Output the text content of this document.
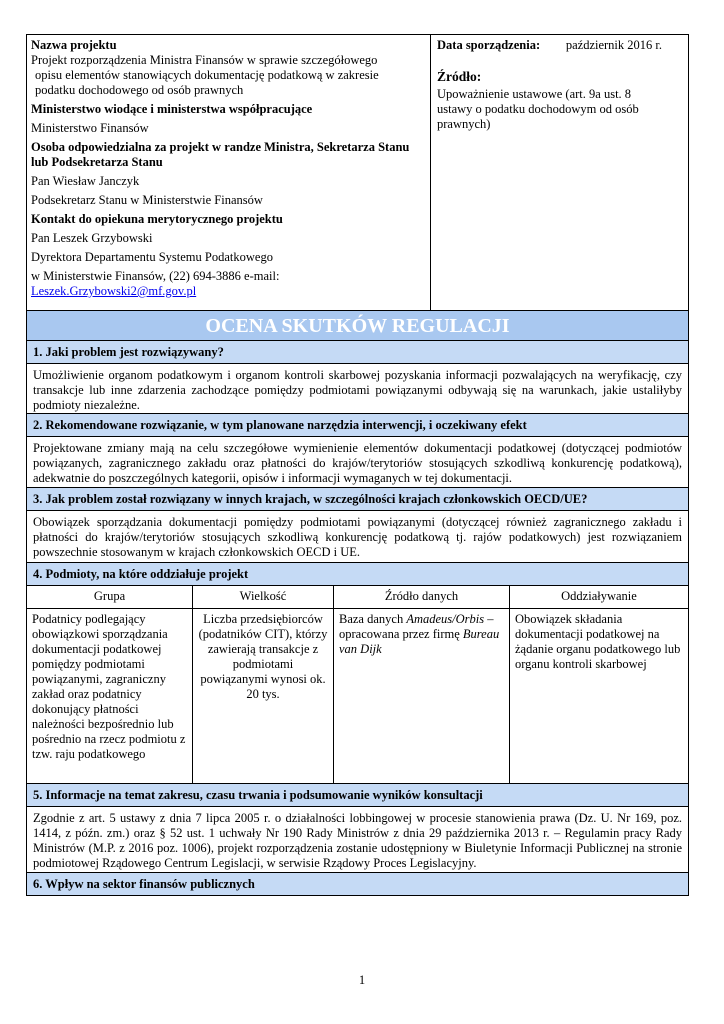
Nazwa projektu

Projekt rozporządzenia Ministra Finansów w sprawie szczegółowego

opisu elementów stanowiących dokumentację podatkową w zakresie

podatku dochodowego od osób prawnych

Ministerstwo wiodące i ministerstwa współpracujące

Ministerstwo Finansów

Osoba odpowiedzialna za projekt w randze Ministra, Sekretarza Stanu

lub Podsekretarza Stanu

Pan Wiesław Janczyk

Podsekretarz Stanu w Ministerstwie Finansów

Kontakt do opiekuna merytorycznego projektu

Pan Leszek Grzybowski

Dyrektora Departamentu Systemu Podatkowego

w Ministerstwie Finansów, (22) 694-3886 e-mail:

Leszek.Grzybowski2@mf.gov.pl

Data sporządzenia: październik 2016 r.

Źródło:

Upoważnienie ustawowe (art. 9a ust. 8

ustawy o podatku dochodowym od osób

prawnych)

OCENA SKUTKÓW REGULACJI
1. Jaki problem jest rozwiązywany?
Umożliwienie organom podatkowym i organom kontroli skarbowej pozyskania informacji pozwalających na weryfikację, czy transakcje lub inne zdarzenia zachodzące pomiędzy podmiotami powiązanymi odbywają się na warunkach, jakie ustaliłyby podmioty niezależne.
2. Rekomendowane rozwiązanie, w tym planowane narzędzia interwencji, i oczekiwany efekt
Projektowane zmiany mają na celu szczegółowe wymienienie elementów dokumentacji podatkowej (dotyczącej podmiotów powiązanych, zagranicznego zakładu oraz płatności do krajów/terytoriów stosujących szkodliwą konkurencję podatkową), adekwatnie do poszczególnych kategorii, opisów i informacji wymaganych w tej dokumentacji.
3. Jak problem został rozwiązany w innych krajach, w szczególności krajach członkowskich OECD/UE?
Obowiązek sporządzania dokumentacji pomiędzy podmiotami powiązanymi (dotyczącej również zagranicznego zakładu i płatności do krajów/terytoriów stosujących szkodliwą konkurencję podatkową tj. rajów podatkowych) jest rozwiązaniem powszechnie stosowanym w krajach członkowskich OECD i UE.
4. Podmioty, na które oddziałuje projekt
Grupa	Wielkość	Źródło danych	Oddziaływanie
Podatnicy podlegający obowiązkowi sporządzania dokumentacji podatkowej pomiędzy podmiotami powiązanymi, zagraniczny zakład oraz podatnicy dokonujący płatności należności bezpośrednio lub pośrednio na rzecz podmiotu z tzw. raju podatkowego	Liczba przedsiębiorców (podatników CIT), którzy zawierają transakcje z podmiotami powiązanymi wynosi ok. 20 tys.	Baza danych Amadeus/Orbis – opracowana przez firmę Bureau van Dijk	Obowiązek składania dokumentacji podatkowej na żądanie organu podatkowego lub organu kontroli skarbowej
5. Informacje na temat zakresu, czasu trwania i podsumowanie wyników konsultacji
Zgodnie z art. 5 ustawy z dnia 7 lipca 2005 r. o działalności lobbingowej w procesie stanowienia prawa (Dz. U. Nr 169, poz. 1414, z późn. zm.) oraz § 52 ust. 1 uchwały Nr 190 Rady Ministrów z dnia 29 października 2013 r. – Regulamin pracy Rady Ministrów (M.P. z 2016 poz. 1006), projekt rozporządzenia zostanie udostępniony w Biuletynie Informacji Publicznej na stronie podmiotowej Rządowego Centrum Legislacji, w serwisie Rządowy Proces Legislacyjny.
6. Wpływ na sektor finansów publicznych
1
